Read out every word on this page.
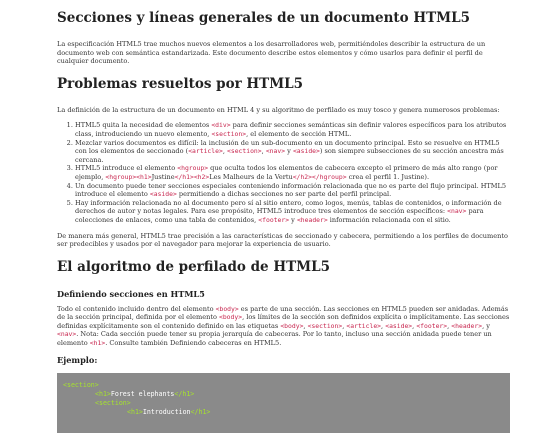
Secciones y líneas generales de un documento HTML5

La especificación HTML5 trae muchos nuevos elementos a los desarrolladores web, permitiéndoles describir la estructura de un documento web con semántica estandarizada. Este documento describe estos elementos y cómo usarlos para definir el perfil de cualquier documento.

Problemas resueltos por HTML5

La definición de la estructura de un documento en HTML 4 y su algoritmo de perfilado es muy tosco y genera numerosos problemas:

1. HTML5 quita la necesidad de elementos <div> para definir secciones semánticas sin definir valores específicos para los atributos class, introduciendo un nuevo elemento, <section>, el elemento de sección HTML.
2. Mezclar varios documentos es difícil: la inclusión de un sub-documento en un documento principal. Esto se resuelve en HTML5 con los elementos de seccionado (<article>, <section>, <nav> y <aside>) son siempre subsecciones de su sección ancestra más cercana.
3. HTML5 introduce el elemento <hgroup> que oculta todos los elementos de cabecera excepto el primero de más alto rango (por ejemplo, <hgroup><h1>Justine</h1><h2>Les Malheurs de la Vertu</h2></hgroup> crea el perfil 1. Justine).
4. Un documento puede tener secciones especiales conteniendo información relacionada que no es parte del flujo principal. HTML5 introduce el elemento <aside> permitiendo a dichas secciones no ser parte del perfil principal.
5. Hay información relacionada no al documento pero sí al sitio entero, como logos, menús, tablas de contenidos, o información de derechos de autor y notas legales. Para ese propósito, HTML5 introduce tres elementos de sección específicos: <nav> para colecciones de enlaces, como una tabla de contenidos, <footer> y <header> información relacionada con el sitio.

De manera más general, HTML5 trae precisión a las características de seccionado y cabecera, permitiendo a los perfiles de documento ser predecibles y usados por el navegador para mejorar la experiencia de usuario.

El algoritmo de perfilado de HTML5
Definiendo secciones en HTML5

Todo el contenido incluido dentro del elemento <body> es parte de una sección. Las secciones en HTML5 pueden ser anidadas. Además de la sección principal, definida por el elemento <body>, los límites de la sección son definidos explícita o implícitamente. Las secciones definidas explícitamente son el contenido definido en las etiquetas <body>, <section>, <article>, <aside>, <footer>, <header>, y <nav>. Nota: Cada sección puede tener su propia jerarquía de cabeceras. Por lo tanto, incluso una sección anidada puede tener un elemento <h1>. Consulte también Definiendo cabeceras en HTML5.

Ejemplo:
<section>
<h1>Forest elephants</h1>
<section>
<h1>Introduction</h1>
